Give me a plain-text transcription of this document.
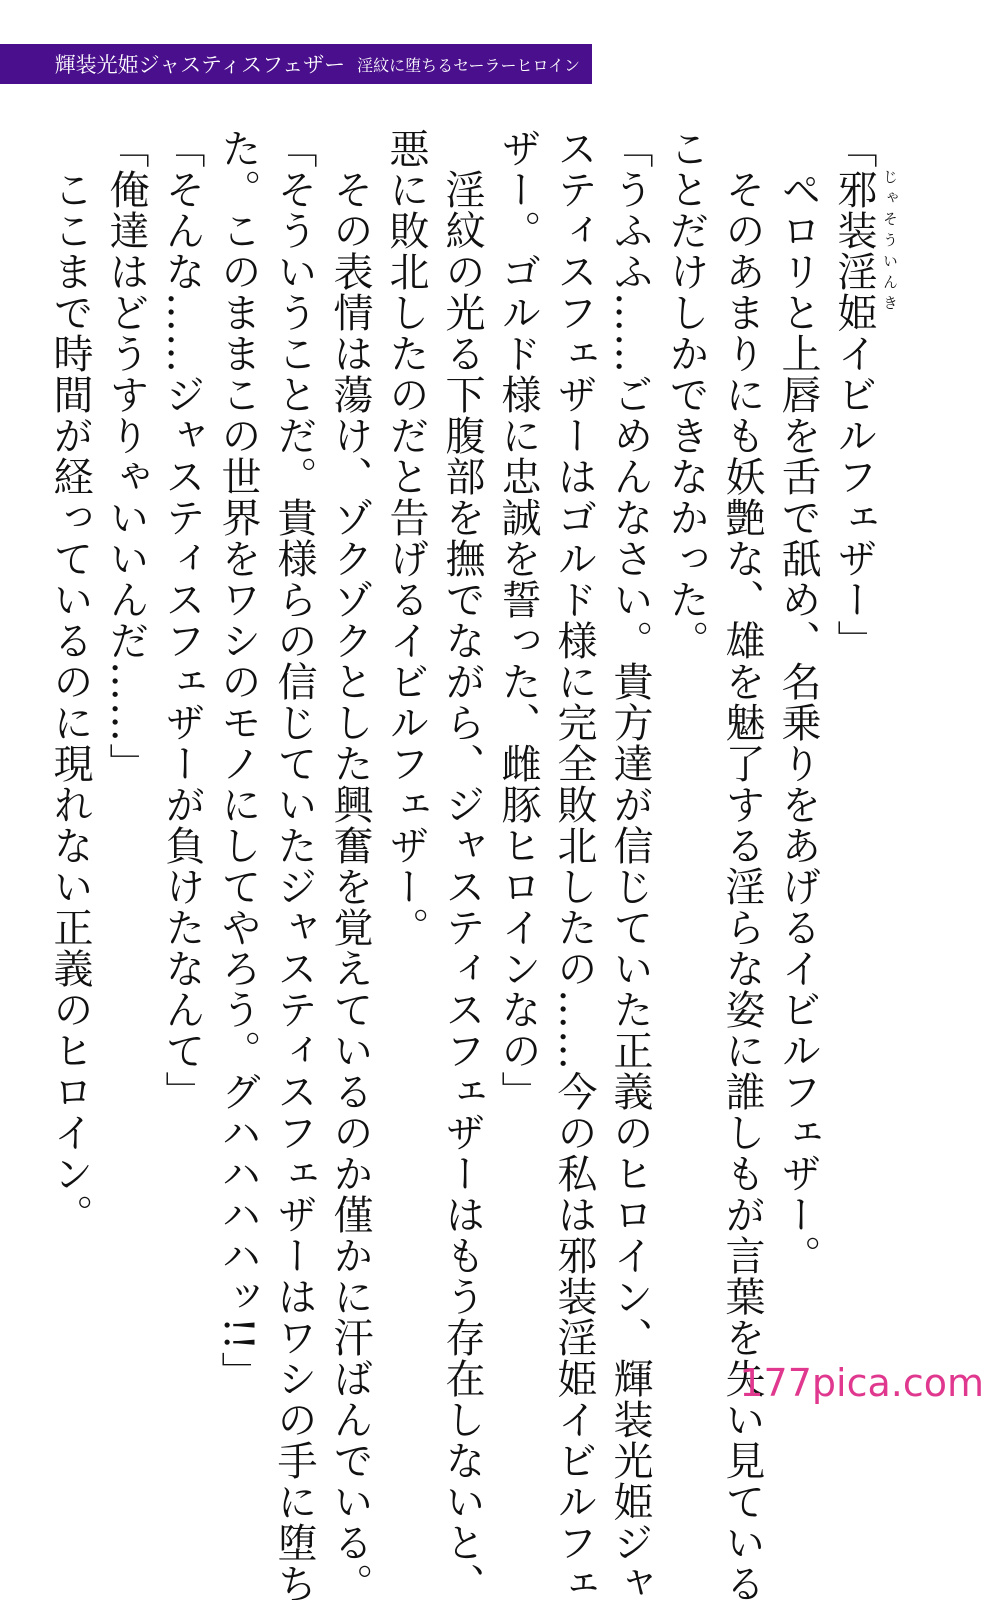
輝装光姫ジャスティスフェザー 淫紋に堕ちるセーラーヒロイン
「邪装淫姫 じゃそういんき
イビルフェザー」
　ペロリと上唇を舌で舐め、名乗りをあげるイビルフェザー。
　そのあまりにも妖艶な、雄を魅了する淫らな姿に誰しもが言葉を失い見ている
ことだけしかできなかった。
「うふふ……ごめんなさい。貴方達が信じていた正義のヒロイン、輝装光姫ジャ
スティスフェザーはゴルド様に完全敗北したの……今の私は邪装淫姫イビルフェ
ザー。ゴルド様に忠誠を誓った、雌豚ヒロインなの」
　淫紋の光る下腹部を撫でながら、ジャスティスフェザーはもう存在しないと、
悪に敗北したのだと告げるイビルフェザー。
　その表情は蕩け、ゾクゾクとした興奮を覚えているのか僅かに汗ばんでいる。
「そういうことだ。貴様らの信じていたジャスティスフェザーはワシの手に堕ち
た。このままこの世界をワシのモノにしてやろう。グハハハハッ!!」
「そんな……ジャスティスフェザーが負けたなんて」
「俺達はどうすりゃいいんだ……」
　ここまで時間が経っているのに現れない正義のヒロイン。
177pica.com
